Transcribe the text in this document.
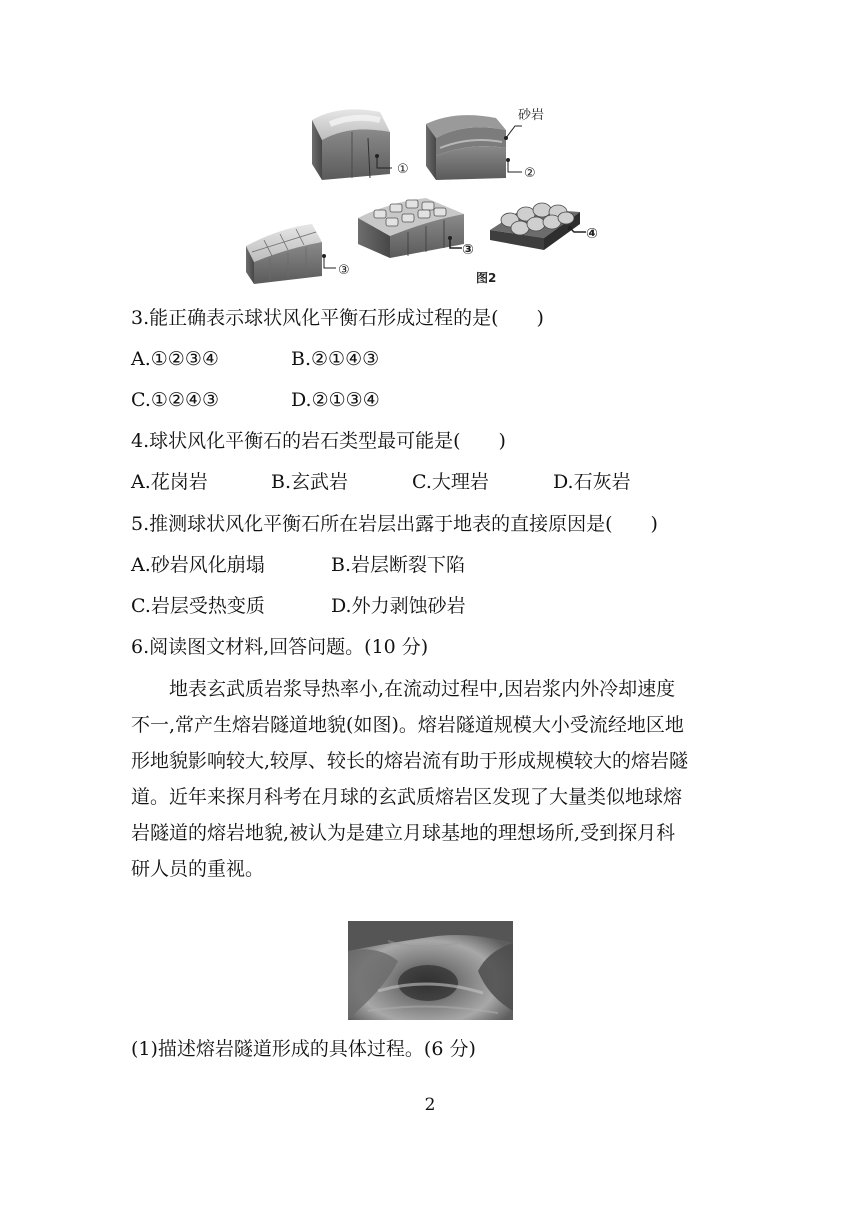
①
砂岩
②
③
③
④
图2
3.能正确表示球状风化平衡石形成过程的是(　　)
A.①②③④	B.②①④③
C.①②④③	D.②①③④
4.球状风化平衡石的岩石类型最可能是(　　)
A.花岗岩	B.玄武岩	C.大理岩	D.石灰岩
5.推测球状风化平衡石所在岩层出露于地表的直接原因是(　　)
A.砂岩风化崩塌	B.岩层断裂下陷
C.岩层受热变质	D.外力剥蚀砂岩
6.阅读图文材料,回答问题。(10 分)
　　地表玄武质岩浆导热率小,在流动过程中,因岩浆内外冷却速度
不一,常产生熔岩隧道地貌(如图)。熔岩隧道规模大小受流经地区地
形地貌影响较大,较厚、较长的熔岩流有助于形成规模较大的熔岩隧
道。近年来探月科考在月球的玄武质熔岩区发现了大量类似地球熔
岩隧道的熔岩地貌,被认为是建立月球基地的理想场所,受到探月科
研人员的重视。
(1)描述熔岩隧道形成的具体过程。(6 分)
2
